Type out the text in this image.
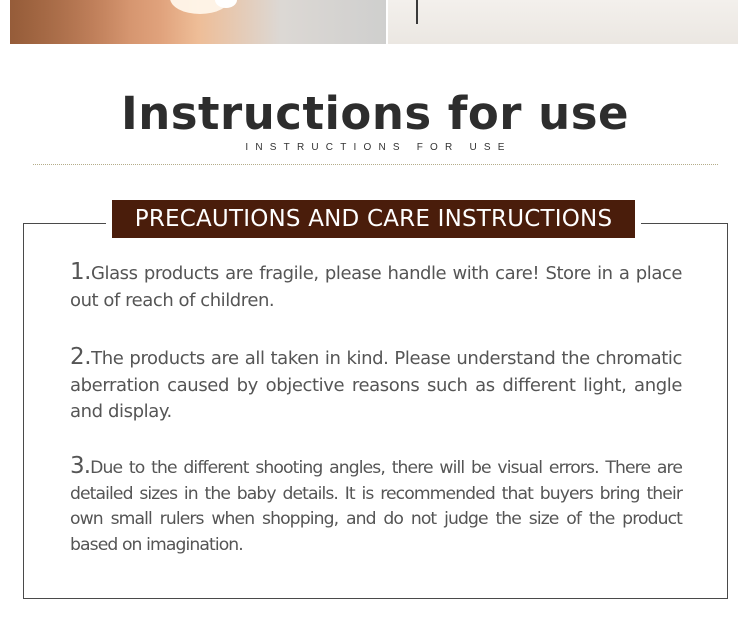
Instructions for use
INSTRUCTIONS FOR USE
PRECAUTIONS AND CARE INSTRUCTIONS

1.Glass products are fragile, please handle with care! Store in a place out of reach of children.

2.The products are all taken in kind. Please understand the chromatic aberration caused by objective reasons such as different light, angle and display.

3.Due to the different shooting angles, there will be visual errors. There are detailed sizes in the baby details. It is recommended that buyers bring their own small rulers when shopping, and do not judge the size of the product based on imagination.
